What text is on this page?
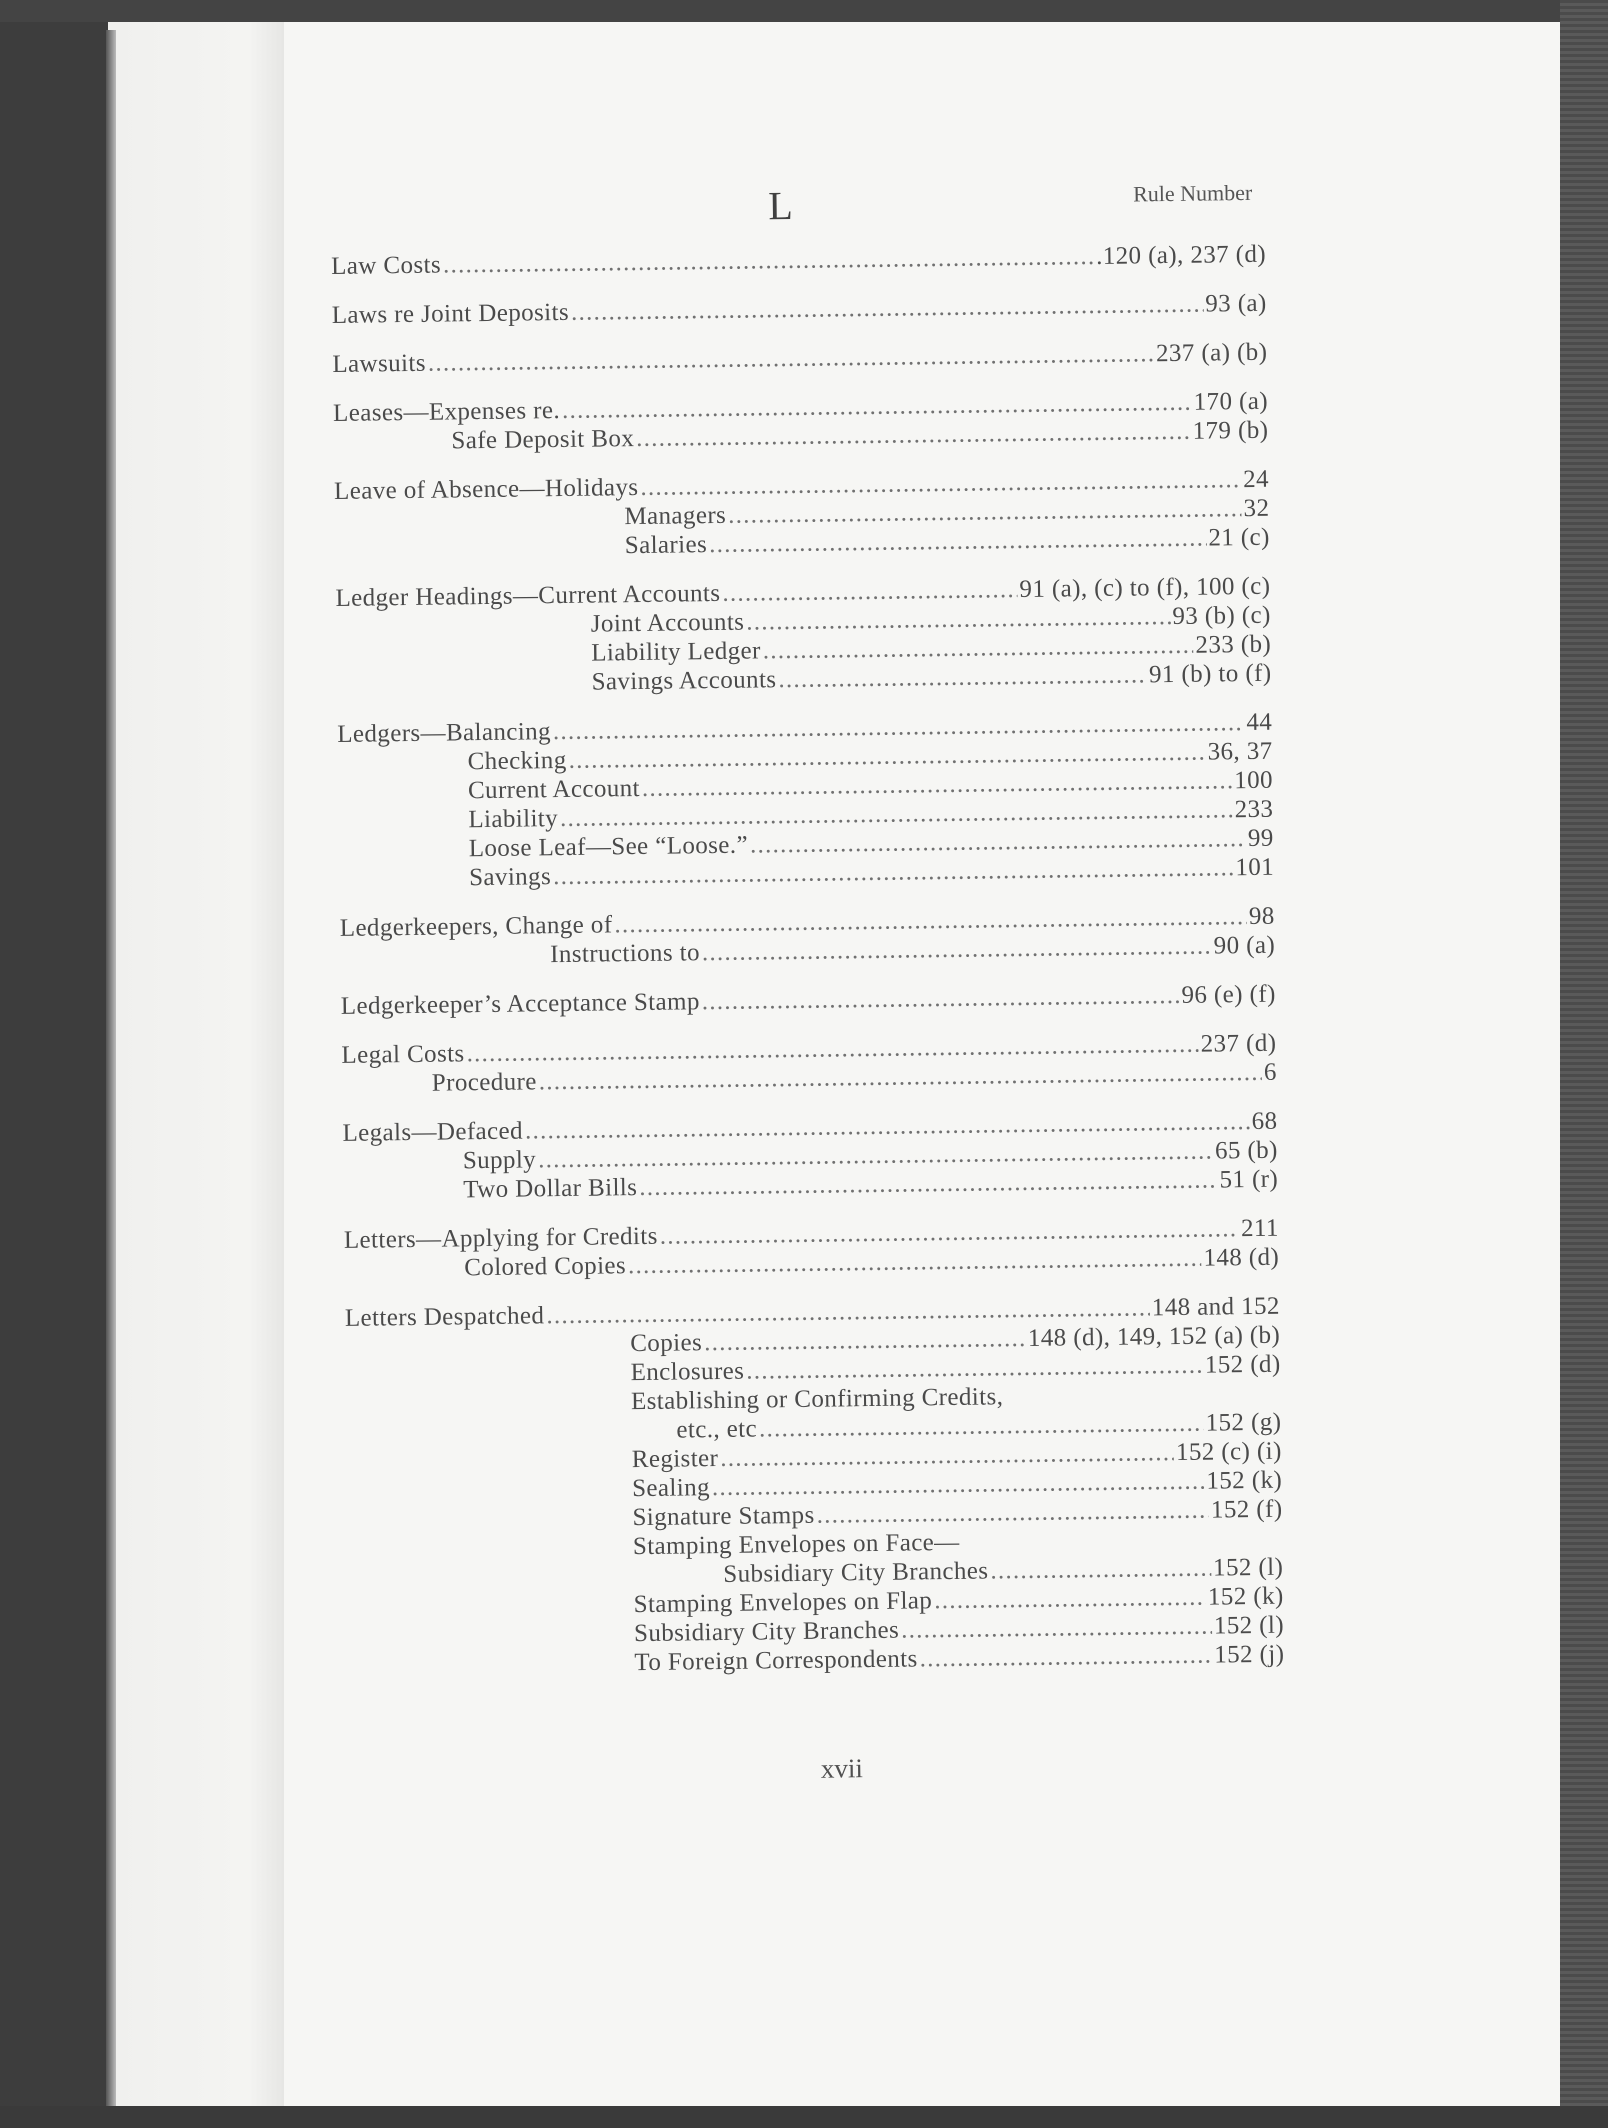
L	Rule Number
Law Costs . . .	.120 (a), 237 (d)
Laws re Joint Deposits . . .	93 (a)
Lawsuits . . .	237 (a) (b)
Leases—Expenses re. . . .	170 (a)
Safe Deposit Box . . .	179 (b)
Leave of Absence—Holidays . . .	24
Managers . . .	32
Salaries . . .	21 (c)
Ledger Headings—Current Accounts . . .	91 (a), (c) to (f), 100 (c)
Joint Accounts . . .	93 (b) (c)
Liability Ledger . . .	233 (b)
Savings Accounts . . .	91 (b) to (f)
Ledgers—Balancing . . .	44
Checking . . .	36, 37
Current Account . . .	100
Liability . . .	233
Loose Leaf—See “Loose.” . . .	99
Savings . . .	101
Ledgerkeepers, Change of . . .	98
Instructions to . . .	90 (a)
Ledgerkeeper’s Acceptance Stamp . . .	96 (e) (f)
Legal Costs . . .	237 (d)
Procedure . . .	6
Legals—Defaced . . .	68
Supply . . .	65 (b)
Two Dollar Bills . . .	51 (r)
Letters—Applying for Credits . . .	211
Colored Copies . . .	148 (d)
Letters Despatched . . .	148 and 152
Copies . . .	148 (d), 149, 152 (a) (b)
Enclosures . . .	152 (d)
Establishing or Confirming Credits,
etc., etc . . .	152 (g)
Register . . .	152 (c) (i)
Sealing . . .	152 (k)
Signature Stamps . . .	152 (f)
Stamping Envelopes on Face—
Subsidiary City Branches . . .	152 (l)
Stamping Envelopes on Flap . . .	152 (k)
Subsidiary City Branches . . .	152 (l)
To Foreign Correspondents . . .	152 (j)
xvii
